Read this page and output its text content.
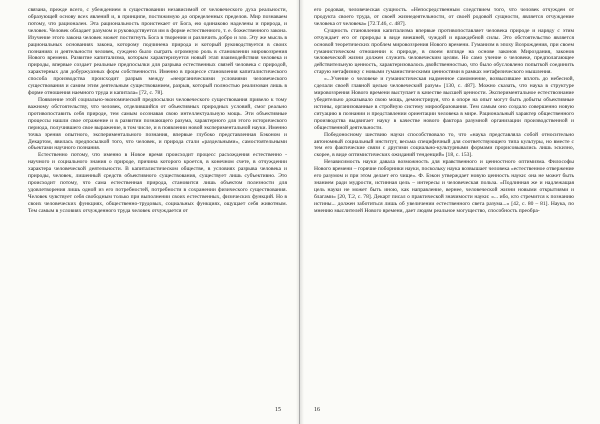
связана, прежде всего, с убеждением в существовании независимой от человеческого духа реальности, образующей основу всех явлений и, в принципе, постижимую до определенных пределов. Мир познаваем потому, что рационален. Эта рациональность проистекает от Бога, ею одинаково наделены и природа, и человек. Человек обладает разумом и руководствуется им в форме естественного, т. е. божественного закона. Изучение этого закона человек может постигнуть Бога в творении и различить добро и зло. Эту же мысль в рациональных основаниях закона, которому подчинена природа и который руководствуется в своих познаниях и деятельности человек, суждено было сыграть огромную роль в становлении мировоззрения Нового времени. Развитие капитализма, которым характеризуется новый этап взаимодействия человека и природы, впервые создает реальные предпосылки для разрыва естественных связей человека с природой, характерных для добуржуазных форм собственности. Именно в процессе становления капиталистического способа производства происходит разрыв между «неорганическими условиями человеческого существования и самим этим деятельным существованием, разрыв, который полностью реализован лишь в форме отношения наемного труда и капитала» [72, с. 78].

Появление этой социально-экономической предпосылки человеческого существования привело к тому важному обстоятельству, что человек, отделившийся от объективных природных условий, смог реально противопоставить себя природе, тем самым осознавая свою интеллектуальную мощь. Эти объективные процессы нашли свое отражение и в развитии познающего разума, характерного для этого исторического периода, получившего свое выражение, в том числе, и в появлении новой экспериментальной науки. Именно точка зрения опытного, экспериментального познания, впервые глубоко представленная Бэконом и Декартом, явилась предпосылкой того, что человек, и природа стали «раздельными», самостоятельными объектами научного познания.

Естественно потому, что именно в Новое время происходит процесс расхождения естественно - научного и социального знания о природе, причина которого кроется, в конечном счете, в отчуждении характера человеческой деятельности. В капиталистическом обществе, в условиях разрыва человека и природы, человек, лишенный средств объективного существования, существует лишь субъективно. Это происходит потому, что сама естественная природа, становится лишь объектом полезности для удовлетворения лишь одной из его потребностей, потребности в сохранении физического существования. Человек чувствует себя свободным только при выполнении своих естественных, физических функций. Но в своих человеческих функциях, общественно-трудовых, социальных функциях, ощущает себя животным. Тем самым в условиях отчужденного труда человек отчуждается от

15

его родовая, человеческая сущность. «Непосредственным следствием того, что человек отчужден от продукта своего труда, от своей жизнедеятельности, от своей родовой сущности, является отчуждение человека от человека» [72.Т.46, с. 487].

Сущность становления капитализма впервые противопоставляет человека природе и наряду с этим отчуждает его от природы в виде внешней, чуждой и враждебной силы. Это обстоятельство является основой теоретических проблем мировоззрения Нового времени. Гуманизм в эпоху Возрождения, при своем гуманистическом отношении к природе, в своем взгляде на основе законов Мироздания, законов человеческой жизни должен служить человеческим целям. Но само учение о человеке, предполагающее действительную ценность, характеризовалось двойственностью, что было обусловлено попыткой соединить старую метафизику с новыми гуманистическими ценностями в рамках метафизического мышления.

«...Учение о человеке и гуманистическая надменное самомнение, возвысившее вплоть до небесной, сделали своей главной целью человеческий разум» [130, с. 487]. Можно сказать, что наука в структуре мировоззрения Нового времени выступает в качестве высшей ценности. Экспериментальное естествознание убедительно доказывало свою мощь, демонстрируя, что в опоре на опыт могут быть добыты объективные истины, организованные в стройную систему мирообразования. Тем самым оно создало совершенно новую ситуацию в познании и представлении ориентации человека в мире. Рациональный характер общественного производства выдвигает науку в качестве нового фактора разумной организации производственной и общественной деятельности.

Победоносному шествию науки способствовало то, что «наука представляла собой относительно автономный социальный институт, весьма специфичный для соответствующего типа культуры, но вместе с тем его фактические связи с другими социально-культурными формами прорисовывались лишь эскизно, скорее, в виде оптимистических ожиданий тенденций» [18, с. 153].

Независимость науки давала возможность для нравственного и ценностного оптимизма. Философы Нового времени – горячие поборники науки, поскольку наука возвышает человека «естественное отвержение его разумом и при этом делает его чище». Ф. Бэкон утверждает новую ценность науки: она не может быть знанием ради мудрости, истинная цель – интересы и человеческая польза. «Подлинная же и надлежащая цель науки не может быть иною, как направление, вернее, человеческой жизни новыми открытиями и благами» [20, Т.2, с. 78]. Декарт писал о практической значимости науки: «... ибо, кто стремится к познанию истины... должен заботиться лишь об увеличении естественного света разума...» [42, с. 80 – 81]. Наука, по мнению мыслителей Нового времени, дает людям реальное могущество, способность преобра-

16
